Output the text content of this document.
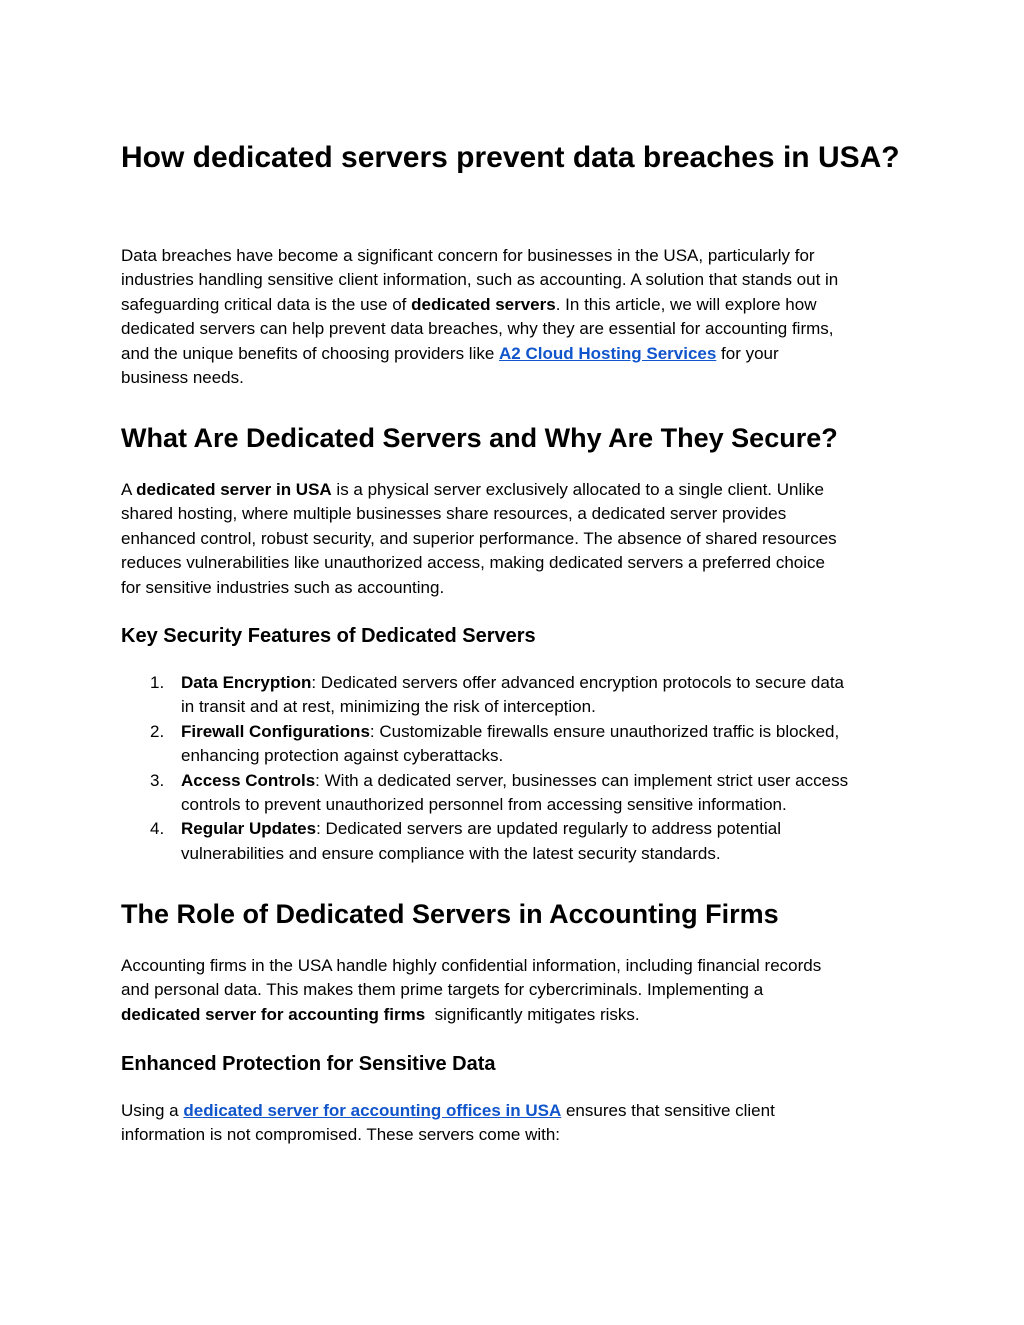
How dedicated servers prevent data breaches in USA?
Data breaches have become a significant concern for businesses in the USA, particularly for
industries handling sensitive client information, such as accounting. A solution that stands out in
safeguarding critical data is the use of dedicated servers. In this article, we will explore how
dedicated servers can help prevent data breaches, why they are essential for accounting firms,
and the unique benefits of choosing providers like A2 Cloud Hosting Services for your
business needs.
What Are Dedicated Servers and Why Are They Secure?
A dedicated server in USA is a physical server exclusively allocated to a single client. Unlike
shared hosting, where multiple businesses share resources, a dedicated server provides
enhanced control, robust security, and superior performance. The absence of shared resources
reduces vulnerabilities like unauthorized access, making dedicated servers a preferred choice
for sensitive industries such as accounting.
Key Security Features of Dedicated Servers
1. Data Encryption: Dedicated servers offer advanced encryption protocols to secure data
in transit and at rest, minimizing the risk of interception.
2. Firewall Configurations: Customizable firewalls ensure unauthorized traffic is blocked,
enhancing protection against cyberattacks.
3. Access Controls: With a dedicated server, businesses can implement strict user access
controls to prevent unauthorized personnel from accessing sensitive information.
4. Regular Updates: Dedicated servers are updated regularly to address potential
vulnerabilities and ensure compliance with the latest security standards.
The Role of Dedicated Servers in Accounting Firms
Accounting firms in the USA handle highly confidential information, including financial records
and personal data. This makes them prime targets for cybercriminals. Implementing a
dedicated server for accounting firms  significantly mitigates risks.
Enhanced Protection for Sensitive Data
Using a dedicated server for accounting offices in USA ensures that sensitive client
information is not compromised. These servers come with:
